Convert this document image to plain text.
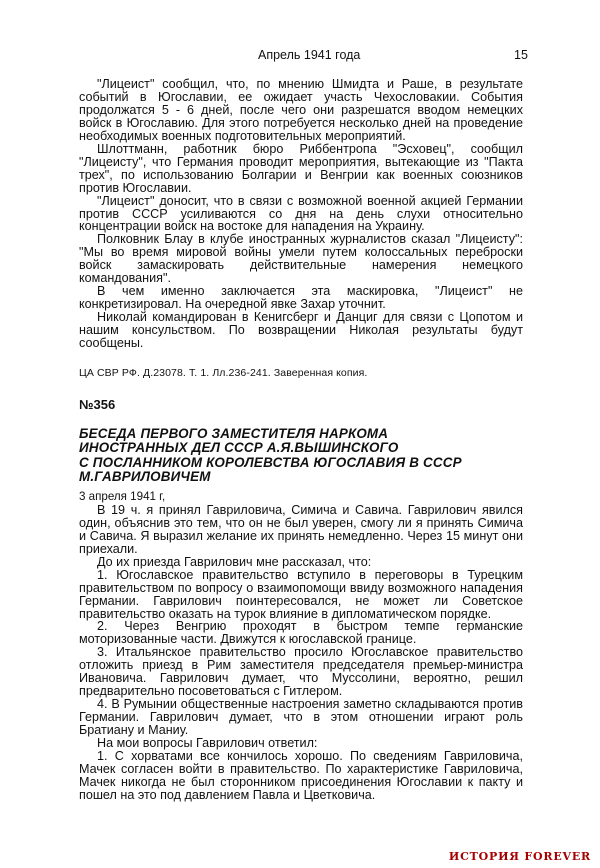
Апрель 1941 года	15

"Лицеист" сообщил, что, по мнению Шмидта и Раше, в результате событий в Югославии, ее ожидает участь Чехословакии. События продолжатся 5 - 6 дней, после чего они разрешатся вводом немецких войск в Югославию. Для этого потребуется несколько дней на проведение необходимых военных подготовительных мероприятий.

Шлоттманн, работник бюро Риббентропа "Эсховец", сообщил "Лицеисту", что Германия проводит мероприятия, вытекающие из "Пакта трех", по использованию Болгарии и Венгрии как военных союзников против Югославии.

"Лицеист" доносит, что в связи с возможной военной акцией Германии против СССР усиливаются со дня на день слухи относительно концентрации войск на востоке для нападения на Украину.

Полковник Блау в клубе иностранных журналистов сказал "Лицеисту": "Мы во время мировой войны умели путем колоссальных переброски войск замаскировать действительные намерения немецкого командования".

В чем именно заключается эта маскировка, "Лицеист" не конкретизировал. На очередной явке Захар уточнит.

Николай командирован в Кенигсберг и Данциг для связи с Цопотом и нашим консульством. По возвращении Николая результаты будут сообщены.

ЦА СВР РФ. Д.23078. Т. 1. Лл.236-241. Заверенная копия.

№356
БЕСЕДА ПЕРВОГО ЗАМЕСТИТЕЛЯ НАРКОМА
ИНОСТРАННЫХ ДЕЛ СССР А.Я.ВЫШИНСКОГО
С ПОСЛАННИКОМ КОРОЛЕВСТВА ЮГОСЛАВИЯ В СССР
М.ГАВРИЛОВИЧЕМ

3 апреля 1941 г,

В 19 ч. я принял Гавриловича, Симича и Савича. Гаврилович явился один, объяснив это тем, что он не был уверен, смогу ли я принять Симича и Савича. Я выразил желание их принять немедленно. Через 15 минут они приехали.

До их приезда Гаврилович мне рассказал, что:

1. Югославское правительство вступило в переговоры в Турецким правительством по вопросу о взаимопомощи ввиду возможного нападения Германии. Гаврилович поинтересовался, не может ли Советское правительство оказать на турок влияние в дипломатическом порядке.

2. Через Венгрию проходят в быстром темпе германские моторизованные части. Движутся к югославской границе.

3. Итальянское правительство просило Югославское правительство отложить приезд в Рим заместителя председателя премьер-министра Ивановича. Гаврилович думает, что Муссолини, вероятно, решил предварительно посоветоваться с Гитлером.

4. В Румынии общественные настроения заметно складываются против Германии. Гаврилович думает, что в этом отношении играют роль Братиану и Маниу.

На мои вопросы Гаврилович ответил:

1. С хорватами все кончилось хорошо. По сведениям Гавриловича, Мачек согласен войти в правительство. По характеристике Гавриловича, Мачек никогда не был сторонником присоединения Югославии к пакту и пошел на это под давлением Павла и Цветковича.

ИСТОРИЯ FOREVER
